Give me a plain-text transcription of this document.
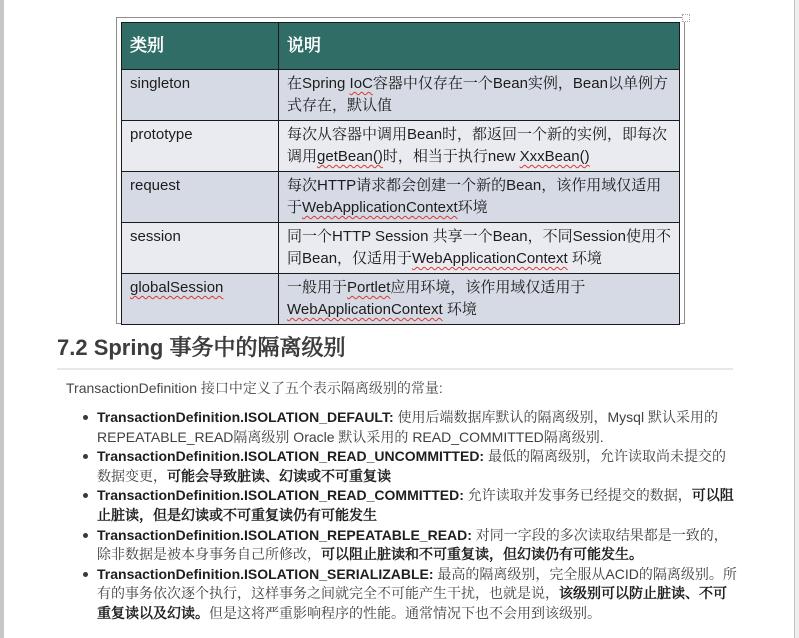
类别	说明
singleton	在Spring IoC容器中仅存在一个Bean实例，Bean以单例方式存在，默认值
prototype	每次从容器中调用Bean时，都返回一个新的实例，即每次调用getBean()时，相当于执行new XxxBean()
request	每次HTTP请求都会创建一个新的Bean，该作用域仅适用于WebApplicationContext环境
session	同一个HTTP Session 共享一个Bean，不同Session使用不同Bean，仅适用于WebApplicationContext 环境
globalSession	一般用于Portlet应用环境，该作用域仅适用于WebApplicationContext 环境
7.2 Spring 事务中的隔离级别

TransactionDefinition 接口中定义了五个表示隔离级别的常量:

TransactionDefinition.ISOLATION_DEFAULT: 使用后端数据库默认的隔离级别，Mysql 默认采用的 REPEATABLE_READ隔离级别 Oracle 默认采用的 READ_COMMITTED隔离级别.
TransactionDefinition.ISOLATION_READ_UNCOMMITTED: 最低的隔离级别，允许读取尚未提交的数据变更，可能会导致脏读、幻读或不可重复读
TransactionDefinition.ISOLATION_READ_COMMITTED: 允许读取并发事务已经提交的数据，可以阻止脏读，但是幻读或不可重复读仍有可能发生
TransactionDefinition.ISOLATION_REPEATABLE_READ: 对同一字段的多次读取结果都是一致的，除非数据是被本身事务自己所修改，可以阻止脏读和不可重复读，但幻读仍有可能发生。
TransactionDefinition.ISOLATION_SERIALIZABLE: 最高的隔离级别，完全服从ACID的隔离级别。所有的事务依次逐个执行，这样事务之间就完全不可能产生干扰，也就是说，该级别可以防止脏读、不可重复读以及幻读。但是这将严重影响程序的性能。通常情况下也不会用到该级别。
